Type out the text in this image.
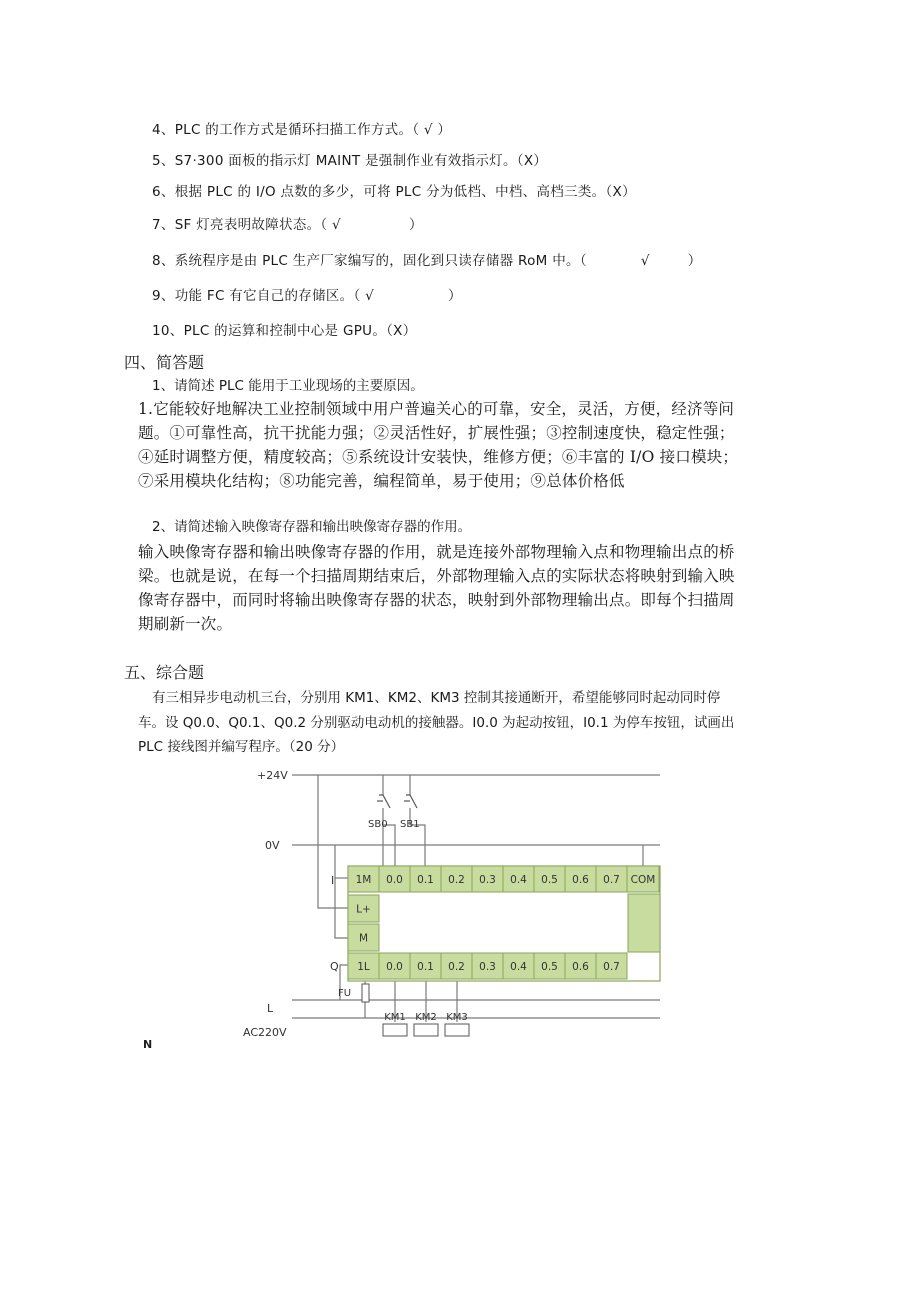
4、PLC 的工作方式是循环扫描工作方式。（ √ ）
5、S7·300 面板的指示灯 MAINT 是强制作业有效指示灯。（X）
6、根据 PLC 的 I/O 点数的多少，可将 PLC 分为低档、中档、高档三类。（X）
7、SF 灯亮表明故障状态。（ √	）
8、系统程序是由 PLC 生产厂家编写的，固化到只读存储器 RoM 中。（	√	）
9、功能 FC 有它自己的存储区。（ √	）
10、PLC 的运算和控制中心是 GPU。（X）
四、简答题
1、请简述 PLC 能用于工业现场的主要原因。
1.它能较好地解决工业控制领域中用户普遍关心的可靠，安全，灵活，方便，经济等问
题。①可靠性高，抗干扰能力强；②灵活性好，扩展性强；③控制速度快，稳定性强；
④延时调整方便，精度较高；⑤系统设计安装快，维修方便；⑥丰富的 I/O 接口模块；
⑦采用模块化结构；⑧功能完善，编程简单，易于使用；⑨总体价格低
2、请简述输入映像寄存器和输出映像寄存器的作用。
输入映像寄存器和输出映像寄存器的作用，就是连接外部物理输入点和物理输出点的桥
梁。也就是说，在每一个扫描周期结束后，外部物理输入点的实际状态将映射到输入映
像寄存器中，而同时将输出映像寄存器的状态，映射到外部物理输出点。即每个扫描周
期刷新一次。
五、综合题
有三相异步电动机三台，分别用 KM1、KM2、KM3 控制其接通断开，希望能够同时起动同时停
车。设 Q0.0、Q0.1、Q0.2 分别驱动电动机的接触器。I0.0 为起动按钮，I0.1 为停车按钮，试画出
PLC 接线图并编写程序。（20 分）
1M 0.0 0.1 0.2 0.3 0.4 0.5 0.6 0.7 COM
L+
M
1L 0.0 0.1 0.2 0.3 0.4 0.5 0.6 0.7
KM1 KM2 KM3
+24V
0V
I
Q
L
SB0 SB1
FU
AC220V
N
